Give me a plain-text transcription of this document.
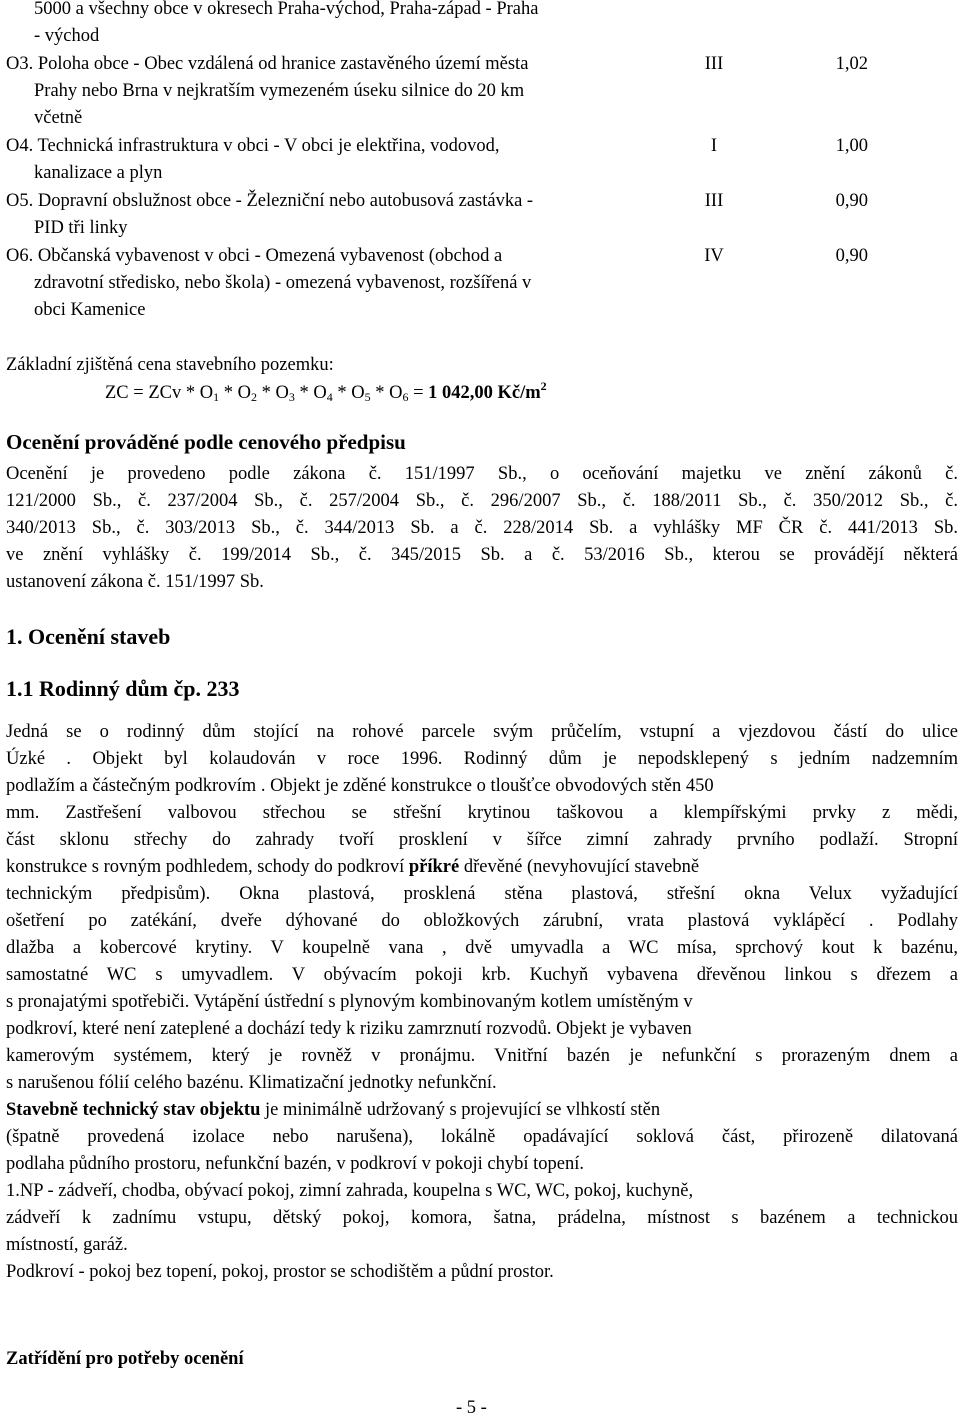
5000 a všechny obce v okresech Praha-východ, Praha-západ - Praha
- východ
O3. Poloha obce - Obec vzdálená od hranice zastavěného území města
Prahy nebo Brna v nejkratším vymezeném úseku silnice do 20 km
včetně
III	1,02
O4. Technická infrastruktura v obci - V obci je elektřina, vodovod,
kanalizace a plyn
I	1,00
O5. Dopravní obslužnost obce - Železniční nebo autobusová zastávka -
PID tři linky
III	0,90
O6. Občanská vybavenost v obci - Omezená vybavenost (obchod a
zdravotní středisko, nebo škola) - omezená vybavenost, rozšířená v
obci Kamenice
IV	0,90
Základní zjištěná cena stavebního pozemku:
ZC = ZCv * $O_1 * O_2 * O_3 * O_4 * O_5 * O_6 = 1$ 042,00 $Kč/m^2$
Ocenění prováděné podle cenového předpisu
Ocenění je provedeno podle zákona č. 151/1997 Sb., o oceňování majetku ve znění zákonů č.
121/2000 Sb., č. 237/2004 Sb., č. 257/2004 Sb., č. 296/2007 Sb., č. 188/2011 Sb., č. 350/2012 Sb., č.
340/2013 Sb., č. 303/2013 Sb., č. 344/2013 Sb. a č. 228/2014 Sb. a vyhlášky MF ČR č. 441/2013 Sb.
ve znění vyhlášky č. 199/2014 Sb., č. 345/2015 Sb. a č. 53/2016 Sb., kterou se provádějí některá
ustanovení zákona č. 151/1997 Sb.
1. Ocenění staveb
1.1 Rodinný dům čp. 233
Jedná se o rodinný dům stojící na rohové parcele svým průčelím, vstupní a vjezdovou částí do ulice
Úzké . Objekt byl kolaudován v roce 1996. Rodinný dům je nepodsklepený s jedním nadzemním
podlažím a částečným podkrovím . Objekt je zděné konstrukce o tloušťce obvodových stěn 450
mm. Zastřešení valbovou střechou se střešní krytinou taškovou a klempířskými prvky z mědi,
část sklonu střechy do zahrady tvoří prosklení v šířce zimní zahrady prvního podlaží. Stropní
konstrukce s rovným podhledem, schody do podkroví příkré dřevěné (nevyhovující stavebně
technickým předpisům). Okna plastová, prosklená stěna plastová, střešní okna Velux vyžadující
ošetření po zatékání, dveře dýhované do obložkových zárubní, vrata plastová vyklápěcí . Podlahy
dlažba a kobercové krytiny. V koupelně vana , dvě umyvadla a WC mísa, sprchový kout k bazénu,
samostatné WC s umyvadlem. V obývacím pokoji krb. Kuchyň vybavena dřevěnou linkou s dřezem a
s pronajatými spotřebiči. Vytápění ústřední s plynovým kombinovaným kotlem umístěným v
podkroví, které není zateplené a dochází tedy k riziku zamrznutí rozvodů. Objekt je vybaven
kamerovým systémem, který je rovněž v pronájmu. Vnitřní bazén je nefunkční s prorazeným dnem a
s narušenou fólií celého bazénu. Klimatizační jednotky nefunkční.
Stavebně technický stav objektu je minimálně udržovaný s projevující se vlhkostí stěn
(špatně provedená izolace nebo narušena), lokálně opadávající soklová část, přirozeně dilatovaná
podlaha půdního prostoru, nefunkční bazén, v podkroví v pokoji chybí topení.
1.NP - zádveří, chodba, obývací pokoj, zimní zahrada, koupelna s WC, WC, pokoj, kuchyně,
zádveří k zadnímu vstupu, dětský pokoj, komora, šatna, prádelna, místnost s bazénem a technickou
místností, garáž.
Podkroví - pokoj bez topení, pokoj, prostor se schodištěm a půdní prostor.
Zatřídění pro potřeby ocenění
- 5 -
